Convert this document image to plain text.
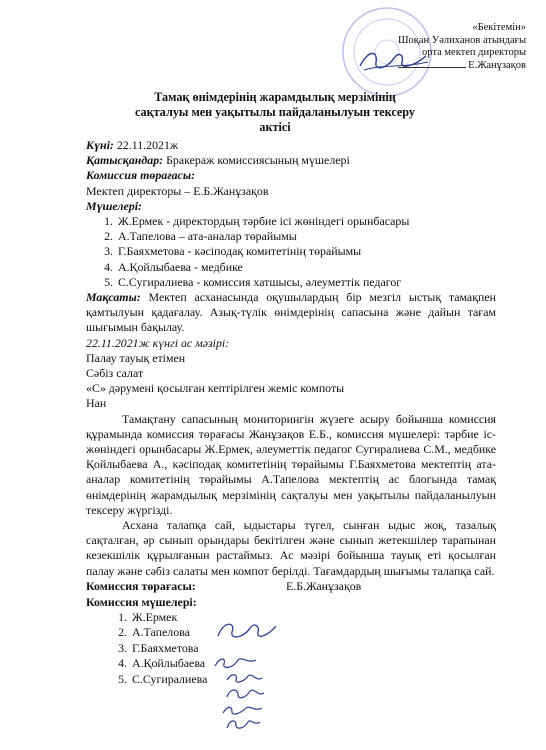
«Бекітемін»
Шоқан Уәлиханов атындағы
орта мектеп директоры
Е.Жанұзақов
Тамақ өнімдерінің жарамдылық мерзімінің
сақталуы мен уақытылы пайдаланылуын тексеру
актісі

Күні: 22.11.2021ж

Қатысқандар: Бракераж комиссиясының мүшелері

Комиссия төрағасы:

Мектеп директоры – Е.Б.Жанұзақов

Мүшелері:

1. Ж.Ермек - директордың тәрбие ісі жөніндегі орынбасары
2. А.Тапелова – ата-аналар төрайымы
3. Г.Баяхметова - кәсіподақ комитетінің төрайымы
4. А.Қойлыбаева - медбике
5. С.Сугиралиева - комиссия хатшысы, әлеуметтік педагог

Мақсаты: Мектеп асханасында оқушылардың бір мезгіл ыстық тамақпен қамтылуын қадағалау. Азық-түлік өнімдерінің сапасына және дайын тағам шығымын бақылау.

22.11.2021ж күнгі ас мәзірі:

Палау тауық етімен

Сәбіз салат

«С» дәрумені қосылған кептірілген жеміс компоты

Нан

Тамақтану сапасының мониторингін жүзеге асыру бойынша комиссия құрамында комиссия төрағасы Жанұзақов Е.Б., комиссия мүшелері: тәрбие іс-жөніндегі орынбасары Ж.Ермек, әлеуметтік педагог Сугиралиева С.М., медбике Қойлыбаева А., кәсіподақ комитетінің төрайымы Г.Баяхметова мектептің ата-аналар комитетінің төрайымы А.Тапелова мектептің ас блогында тамақ өнімдерінің жарамдылық мерзімінің сақталуы мен уақытылы пайдаланылуын тексеру жүргізді.

Асхана талапқа сай, ыдыстары түгел, сынған ыдыс жоқ, тазалық сақталған, әр сынып орындары бекітілген және сынып жетекшілер тарапынан кезекшілік құрылғанын растаймыз. Ас мәзірі бойынша тауық еті қосылған палау және сәбіз салаты мен компот берілді. Тағамдардың шығымы талапқа сай.

Комиссия төрағасы:	Е.Б.Жанұзақов

Комиссия мүшелері:

1. Ж.Ермек
2. А.Тапелова
3. Г.Баяхметова
4. А.Қойлыбаева
5. С.Сугиралиева
